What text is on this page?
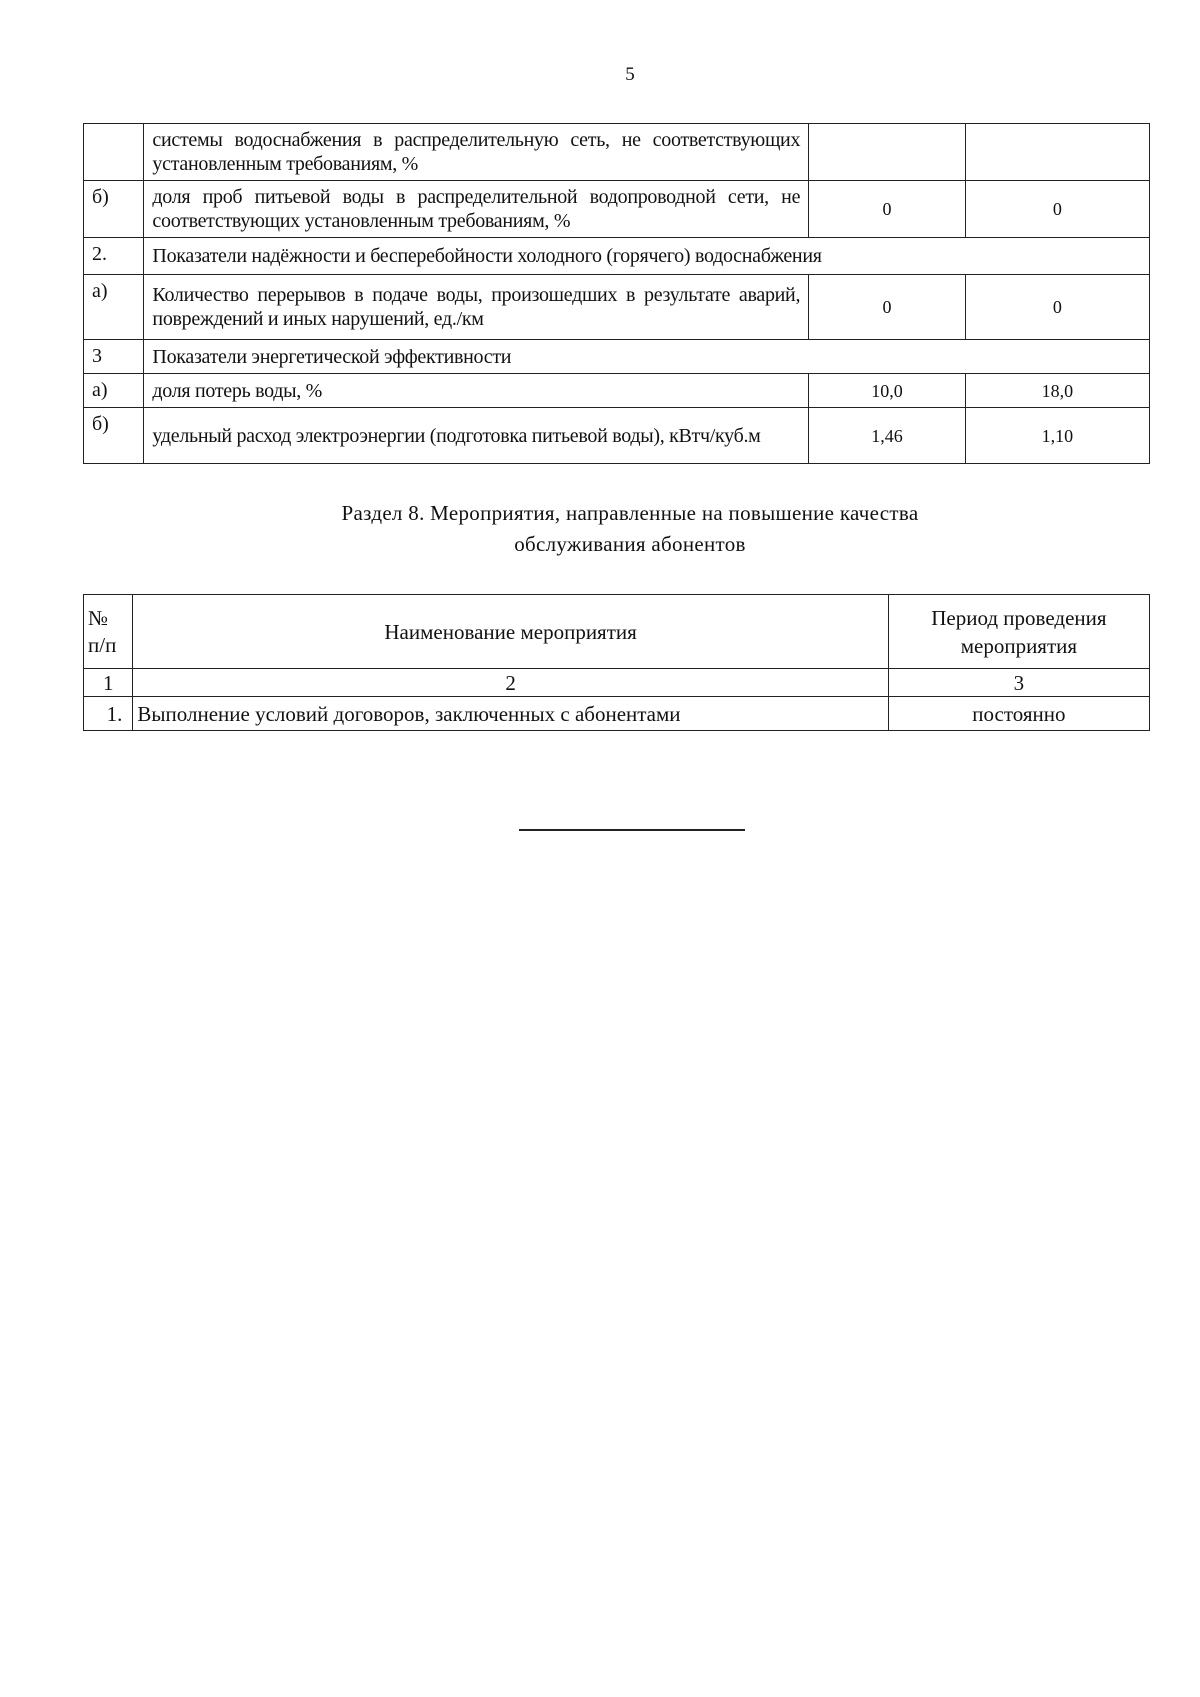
5
	системы водоснабжения в распределительную сеть, не соответствующих установленным требованиям, %		
б)	доля проб питьевой воды в распределительной водопроводной сети, не соответствующих установленным требованиям, %	0	0
2.	Показатели надёжности и бесперебойности холодного (горячего) водоснабжения		
а)	Количество перерывов в подаче воды, произошедших в результате аварий, повреждений и иных нарушений, ед./км	0	0
3	Показатели энергетической эффективности		
а)	доля потерь воды, %	10,0	18,0
б)	удельный расход электроэнергии (подготовка питьевой воды), кВтч/куб.м	1,46	1,10
Раздел 8. Мероприятия, направленные на повышение качества
обслуживания абонентов
№ п/п	Наименование мероприятия	Период проведения мероприятия
1	2	3
1.	Выполнение условий договоров, заключенных с абонентами	постоянно
